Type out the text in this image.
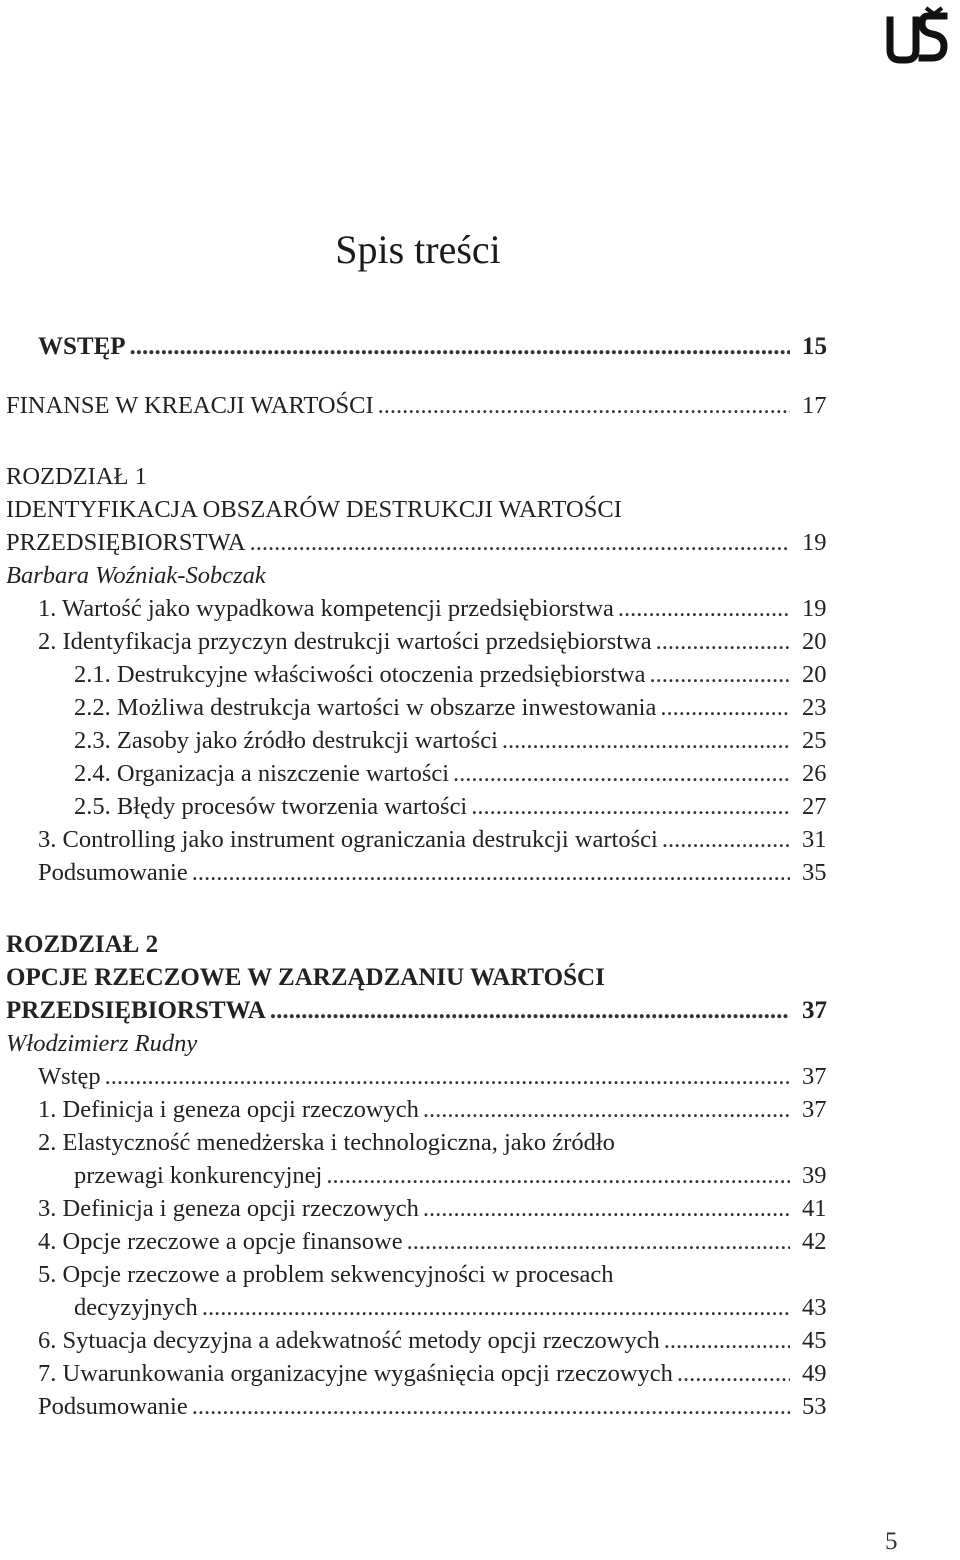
Spis treści
WSTĘP .....	15
FINANSE W KREACJI WARTOŚCI .....	17
ROZDZIAŁ 1
IDENTYFIKACJA OBSZARÓW DESTRUKCJI WARTOŚCI
PRZEDSIĘBIORSTWA .....	19
Barbara Woźniak-Sobczak
1. Wartość jako wypadkowa kompetencji przedsiębiorstwa .....	19
2. Identyfikacja przyczyn destrukcji wartości przedsiębiorstwa .....	20
2.1. Destrukcyjne właściwości otoczenia przedsiębiorstwa .....	20
2.2. Możliwa destrukcja wartości w obszarze inwestowania .....	23
2.3. Zasoby jako źródło destrukcji wartości .....	25
2.4. Organizacja a niszczenie wartości .....	26
2.5. Błędy procesów tworzenia wartości .....	27
3. Controlling jako instrument ograniczania destrukcji wartości .....	31
Podsumowanie .....	35
ROZDZIAŁ 2
OPCJE RZECZOWE W ZARZĄDZANIU WARTOŚCI
PRZEDSIĘBIORSTWA .....	37
Włodzimierz Rudny
Wstęp .....	37
1. Definicja i geneza opcji rzeczowych .....	37
2. Elastyczność menedżerska i technologiczna, jako źródło
przewagi konkurencyjnej .....	39
3. Definicja i geneza opcji rzeczowych .....	41
4. Opcje rzeczowe a opcje finansowe .....	42
5. Opcje rzeczowe a problem sekwencyjności w procesach
decyzyjnych .....	43
6. Sytuacja decyzyjna a adekwatność metody opcji rzeczowych .....	45
7. Uwarunkowania organizacyjne wygaśnięcia opcji rzeczowych .....	49
Podsumowanie .....	53
5
